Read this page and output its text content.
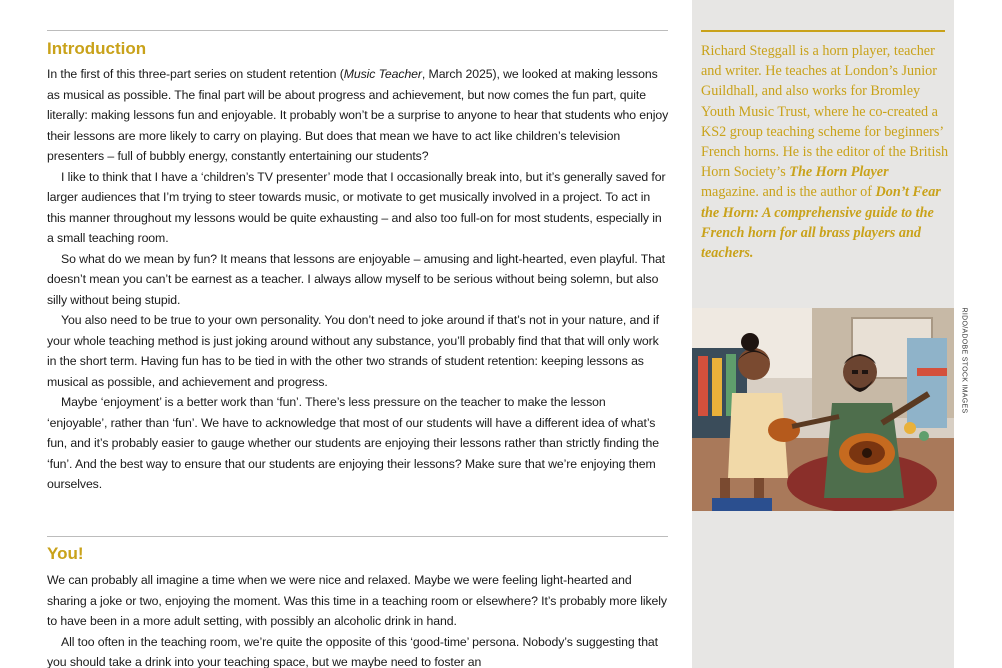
Introduction

In the first of this three-part series on student retention (Music Teacher, March 2025), we looked at making lessons as musical as possible. The final part will be about progress and achievement, but now comes the fun part, quite literally: making lessons fun and enjoyable. It probably won’t be a surprise to anyone to hear that students who enjoy their lessons are more likely to carry on playing. But does that mean we have to act like children’s television presenters – full of bubbly energy, constantly entertaining our students?

I like to think that I have a ‘children’s TV presenter’ mode that I occasionally break into, but it’s generally saved for larger audiences that I’m trying to steer towards music, or motivate to get musically involved in a project. To act in this manner throughout my lessons would be quite exhausting – and also too full-on for most students, especially in a small teaching room.

So what do we mean by fun? It means that lessons are enjoyable – amusing and light-hearted, even playful. That doesn’t mean you can’t be earnest as a teacher. I always allow myself to be serious without being solemn, but also silly without being stupid.

You also need to be true to your own personality. You don’t need to joke around if that’s not in your nature, and if your whole teaching method is just joking around without any substance, you’ll probably find that that will only work in the short term. Having fun has to be tied in with the other two strands of student retention: keeping lessons as musical as possible, and achievement and progress.

Maybe ‘enjoyment’ is a better work than ‘fun’. There’s less pressure on the teacher to make the lesson ‘enjoyable’, rather than ‘fun’. We have to acknowledge that most of our students will have a different idea of what’s fun, and it’s probably easier to gauge whether our students are enjoying their lessons rather than strictly finding the ‘fun’. And the best way to ensure that our students are enjoying their lessons? Make sure that we’re enjoying them ourselves.

You!

We can probably all imagine a time when we were nice and relaxed. Maybe we were feeling light-hearted and sharing a joke or two, enjoying the moment. Was this time in a teaching room or elsewhere? It’s probably more likely to have been in a more adult setting, with possibly an alcoholic drink in hand.

All too often in the teaching room, we’re quite the opposite of this ‘good-time’ persona. Nobody’s suggesting that you should take a drink into your teaching space, but we maybe need to foster an

Richard Steggall is a horn player, teacher and writer. He teaches at London’s Junior Guildhall, and also works for Bromley Youth Music Trust, where he co-created a KS2 group teaching scheme for beginners’ French horns. He is the editor of the British Horn Society’s The Horn Player magazine. and is the author of Don’t Fear the Horn: A comprehensive guide to the French horn for all brass players and teachers.

RIDO/ADOBE STOCK IMAGES
